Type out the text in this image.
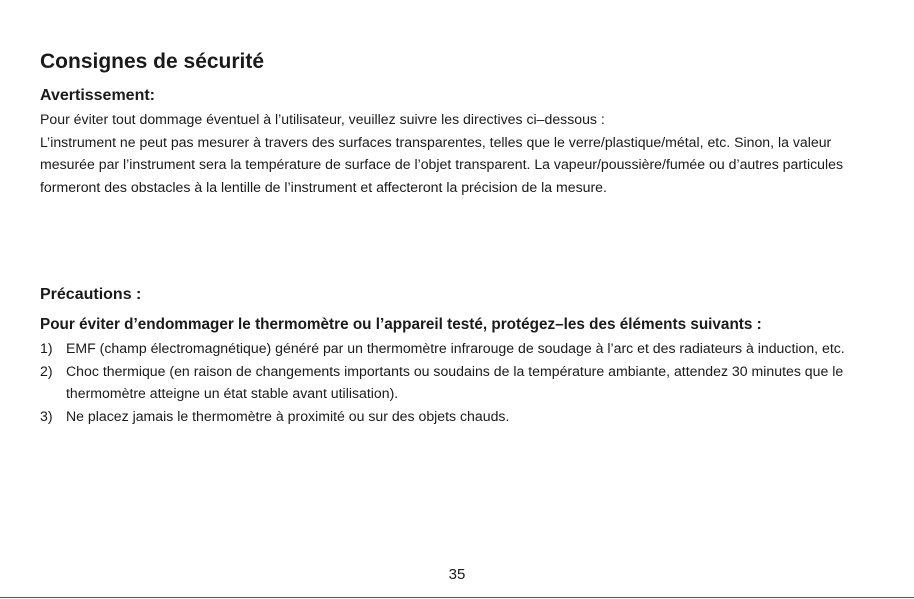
Consignes de sécurité
Avertissement:

Pour éviter tout dommage éventuel à l’utilisateur, veuillez suivre les directives ci–dessous :

L’instrument ne peut pas mesurer à travers des surfaces transparentes, telles que le verre/plastique/métal, etc. Sinon, la valeur mesurée par l’instrument sera la température de surface de l’objet transparent. La vapeur/poussière/fumée ou d’autres particules formeront des obstacles à la lentille de l’instrument et affecteront la précision de la mesure.

Précautions :
Pour éviter d’endommager le thermomètre ou l’appareil testé, protégez–les des éléments suivants :
1) EMF (champ électromagnétique) généré par un thermomètre infrarouge de soudage à l’arc et des radiateurs à induction, etc.
2) Choc thermique (en raison de changements importants ou soudains de la température ambiante, attendez 30 minutes que le thermomètre atteigne un état stable avant utilisation).
3) Ne placez jamais le thermomètre à proximité ou sur des objets chauds.
35
